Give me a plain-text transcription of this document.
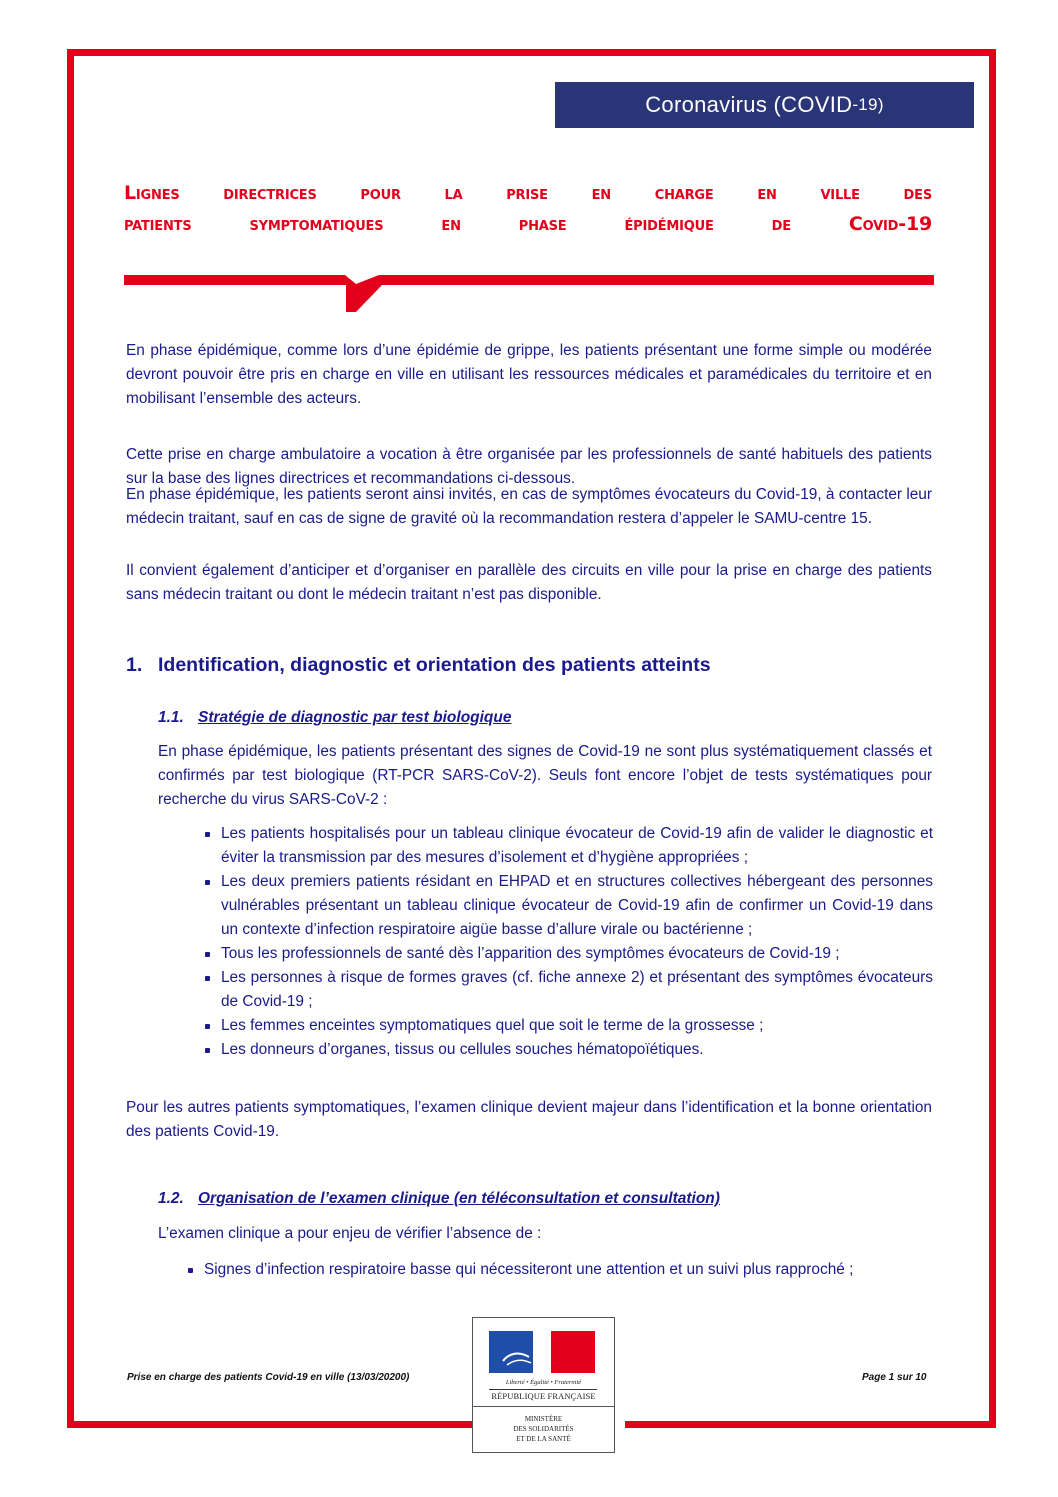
Coronavirus (COVID -19)
Lignes directrices pour la prise en charge en ville des
patients symptomatiques en phase épidémique de Covid-19

En phase épidémique, comme lors d’une épidémie de grippe, les patients présentant une forme simple ou modérée devront pouvoir être pris en charge en ville en utilisant les ressources médicales et paramédicales du territoire et en mobilisant l’ensemble des acteurs.

Cette prise en charge ambulatoire a vocation à être organisée par les professionnels de santé habituels des patients sur la base des lignes directrices et recommandations ci-dessous.

En phase épidémique, les patients seront ainsi invités, en cas de symptômes évocateurs du Covid-19, à contacter leur médecin traitant, sauf en cas de signe de gravité où la recommandation restera d’appeler le SAMU-centre 15.

Il convient également d’anticiper et d’organiser en parallèle des circuits en ville pour la prise en charge des patients sans médecin traitant ou dont le médecin traitant n’est pas disponible.

1. Identification, diagnostic et orientation des patients atteints
1.1. Stratégie de diagnostic par test biologique

En phase épidémique, les patients présentant des signes de Covid-19 ne sont plus systématiquement classés et confirmés par test biologique (RT-PCR SARS-CoV-2). Seuls font encore l’objet de tests systématiques pour recherche du virus SARS-CoV-2 :

Les patients hospitalisés pour un tableau clinique évocateur de Covid-19 afin de valider le diagnostic et éviter la transmission par des mesures d’isolement et d’hygiène appropriées ;
Les deux premiers patients résidant en EHPAD et en structures collectives hébergeant des personnes vulnérables présentant un tableau clinique évocateur de Covid-19 afin de confirmer un Covid-19 dans un contexte d’infection respiratoire aigüe basse d’allure virale ou bactérienne ;
Tous les professionnels de santé dès l’apparition des symptômes évocateurs de Covid-19 ;
Les personnes à risque de formes graves (cf. fiche annexe 2) et présentant des symptômes évocateurs de Covid-19 ;
Les femmes enceintes symptomatiques quel que soit le terme de la grossesse ;
Les donneurs d’organes, tissus ou cellules souches hématopoïétiques.

Pour les autres patients symptomatiques, l’examen clinique devient majeur dans l’identification et la bonne orientation des patients Covid-19.

1.2. Organisation de l’examen clinique (en téléconsultation et consultation)

L’examen clinique a pour enjeu de vérifier l’absence de :

Signes d’infection respiratoire basse qui nécessiteront une attention et un suivi plus rapproché ;
Prise en charge des patients Covid-19 en ville (13/03/20200)	Page 1 sur 10
Liberté • Égalité • Fraternité
RÉPUBLIQUE FRANÇAISE
MINISTÈRE
DES SOLIDARITÉS
ET DE LA SANTÉ
